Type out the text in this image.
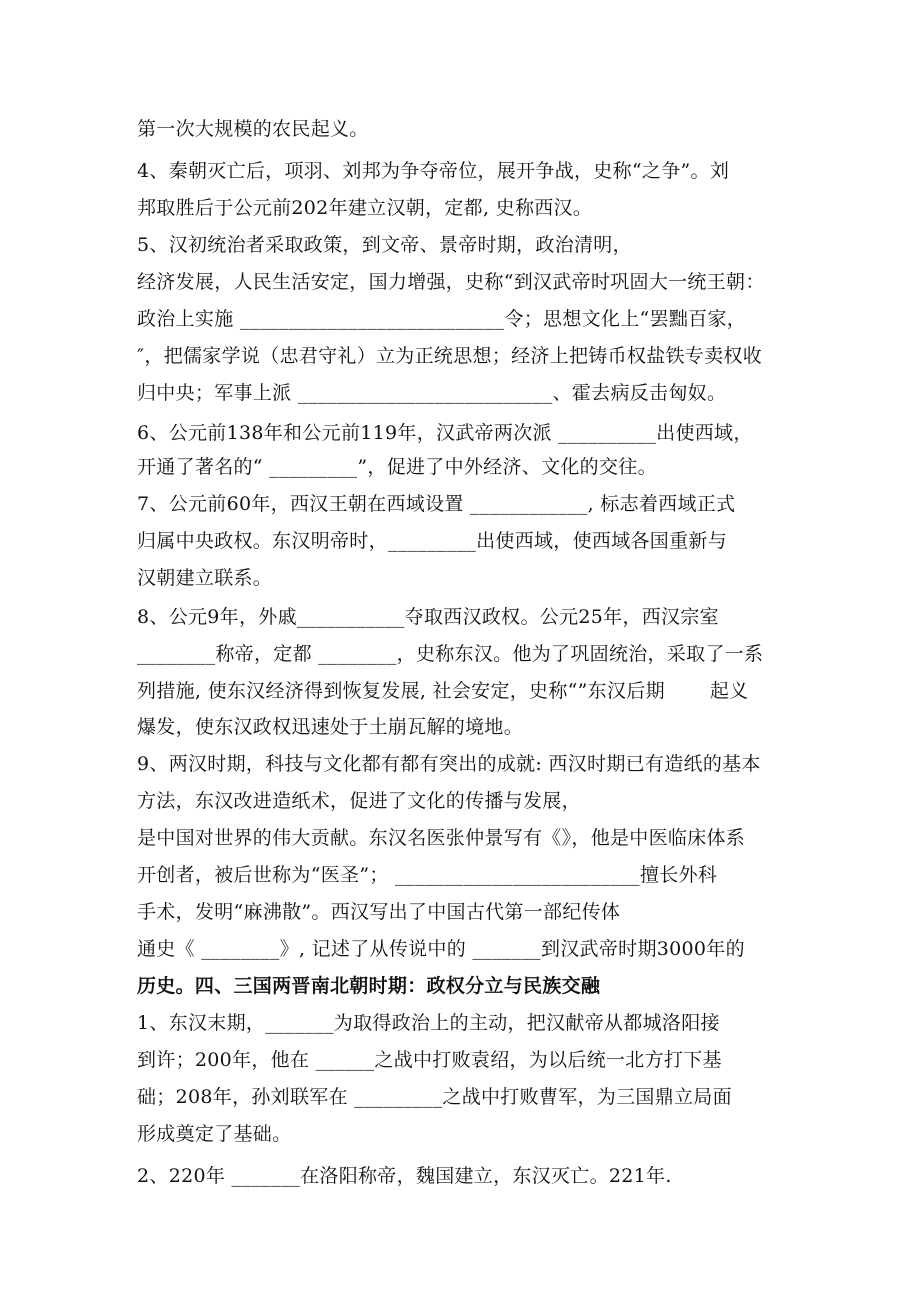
第一次大规模的农民起义。
4、秦朝灭亡后，项羽、刘邦为争夺帝位，展开争战，史称“之争”。刘
邦取胜后于公元前202年建立汉朝，定都, 史称西汉。
5、汉初统治者采取政策，到文帝、景帝时期，政治清明，
经济发展，人民生活安定，国力增强，史称“到汉武帝时巩固大一统王朝：
政治上实施 ___________________________令；思想文化上“罢黜百家，
″，把儒家学说（忠君守礼）立为正统思想；经济上把铸币权盐铁专卖权收
归中央；军事上派 __________________________、霍去病反击匈奴。
6、公元前138年和公元前119年，汉武帝两次派 __________出使西域，
开通了著名的“ _________”，促进了中外经济、文化的交往。
7、公元前60年，西汉王朝在西域设置 ____________, 标志着西域正式
归属中央政权。东汉明帝时，_________出使西域，使西域各国重新与
汉朝建立联系。
8、公元9年，外戚___________夺取西汉政权。公元25年，西汉宗室
________称帝，定都 ________，史称东汉。他为了巩固统治，采取了一系
列措施, 使东汉经济得到恢复发展, 社会安定，史称“”东汉后期　　 起义
爆发，使东汉政权迅速处于土崩瓦解的境地。
9、两汉时期，科技与文化都有都有突出的成就: 西汉时期已有造纸的基本
方法，东汉改进造纸术，促进了文化的传播与发展，
是中国对世界的伟大贡献。东汉名医张仲景写有《》，他是中医临床体系
开创者，被后世称为“医圣”； _________________________擅长外科
手术，发明“麻沸散”。西汉写出了中国古代第一部纪传体
通史《 ________》, 记述了从传说中的 _______到汉武帝时期3000年的
历史。四、三国两晋南北朝时期：政权分立与民族交融
1、东汉末期，_______为取得政治上的主动，把汉献帝从都城洛阳接
到许；200年，他在 ______之战中打败袁绍，为以后统一北方打下基
础；208年，孙刘联军在 _________之战中打败曹军，为三国鼎立局面
形成奠定了基础。
2、220年 _______在洛阳称帝，魏国建立，东汉灭亡。221年.
